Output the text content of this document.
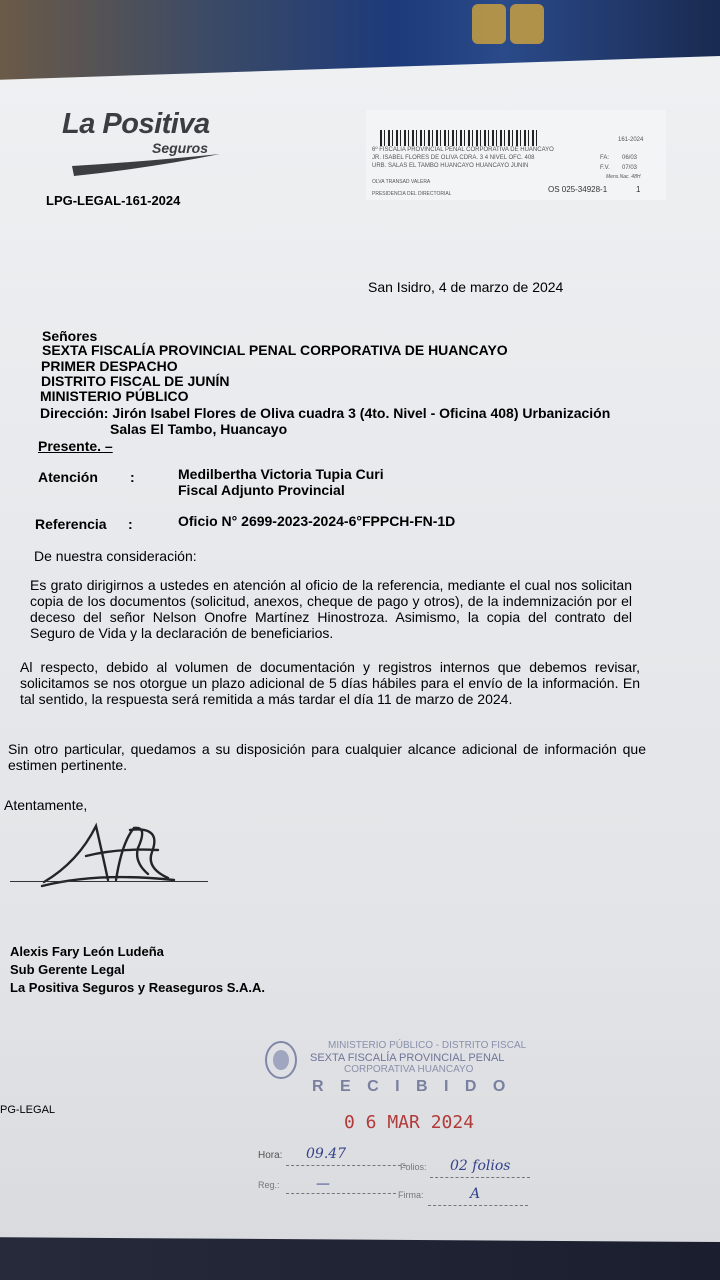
La Positiva
Seguros	161-2024
6º FISCALIA PROVINCIAL PENAL CORPORATIVA DE HUANCAYO
JR. ISABEL FLORES DE OLIVA CDRA. 3 4 NIVEL OFC. 408
URB. SALAS EL TAMBO HUANCAYO HUANCAYO JUNIN
OLVA TRANSAD VALERA
PRESIDENCIA DEL DIRECTORIAL
FA: 06/03
F.V. 07/03
Mens.Nac. 48H
OS 025-34928-1	1
LPG-LEGAL-161-2024
San Isidro, 4 de marzo de 2024
Señores
SEXTA FISCALÍA PROVINCIAL PENAL CORPORATIVA DE HUANCAYO
PRIMER DESPACHO
DISTRITO FISCAL DE JUNÍN
MINISTERIO PÚBLICO
Dirección: Jirón Isabel Flores de Oliva cuadra 3 (4to. Nivel - Oficina 408) Urbanización
Salas El Tambo, Huancayo
Presente. –
Atención :	Medilbertha Victoria Tupia Curi
Fiscal Adjunto Provincial
Referencia :	Oficio N° 2699-2023-2024-6°FPPCH-FN-1D
De nuestra consideración:
Es grato dirigirnos a ustedes en atención al oficio de la referencia, mediante el cual nos solicitan copia de los documentos (solicitud, anexos, cheque de pago y otros), de la indemnización por el deceso del señor Nelson Onofre Martínez Hinostroza. Asimismo, la copia del contrato del Seguro de Vida y la declaración de beneficiarios.
Al respecto, debido al volumen de documentación y registros internos que debemos revisar, solicitamos se nos otorgue un plazo adicional de 5 días hábiles para el envío de la información. En tal sentido, la respuesta será remitida a más tardar el día 11 de marzo de 2024.
Sin otro particular, quedamos a su disposición para cualquier alcance adicional de información que estimen pertinente.
Atentamente,
Alexis Fary León Ludeña
Sub Gerente Legal
La Positiva Seguros y Reaseguros S.A.A.
PG-LEGAL
MINISTERIO PÚBLICO - DISTRITO FISCAL
SEXTA FISCALÍA PROVINCIAL PENAL
CORPORATIVA HUANCAYO
R E C I B I D O
0 6 MAR 2024
Hora: 09.47
Folios: 02 folios
Reg.:	—
Firma:	A
